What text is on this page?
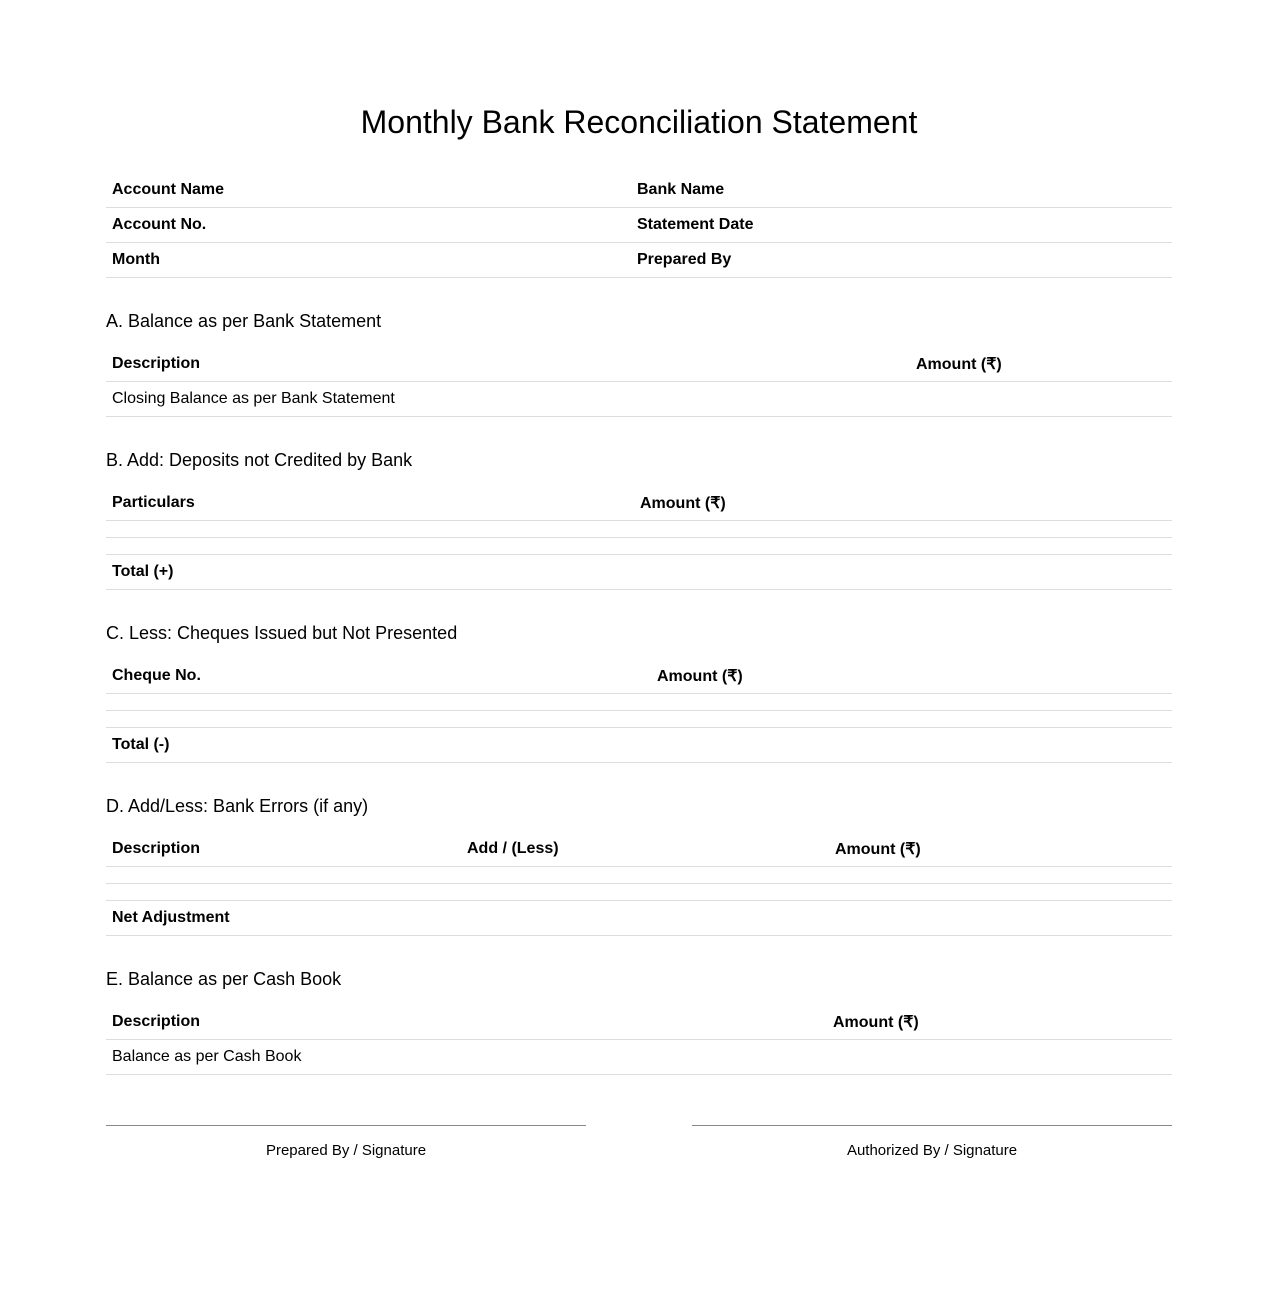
Monthly Bank Reconciliation Statement
Account Name	Bank Name
Account No.	Statement Date
Month	Prepared By
A. Balance as per Bank Statement
Description	Amount (₹)
Closing Balance as per Bank Statement	
B. Add: Deposits not Credited by Bank
Particulars	Amount (₹)

Total (+)	
C. Less: Cheques Issued but Not Presented
Cheque No.	Amount (₹)

Total (-)	
D. Add/Less: Bank Errors (if any)
Description	Add / (Less)	Amount (₹)

Net Adjustment		
E. Balance as per Cash Book
Description	Amount (₹)
Balance as per Cash Book	
Prepared By / Signature	Authorized By / Signature
